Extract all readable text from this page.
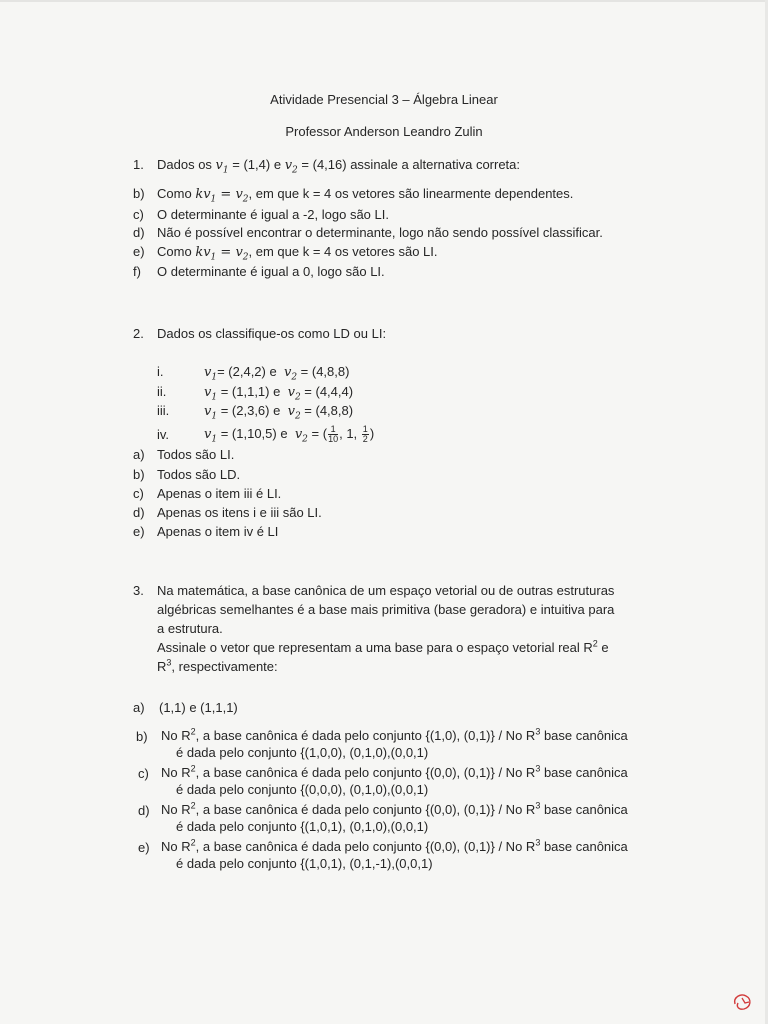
Atividade Presencial 3 – Álgebra Linear
Professor Anderson Leandro Zulin
1. Dados os $v_1 = (1,4)$ e $v_2 = (4,16)$ assinale a alternativa correta:
b) Como $kv_1 = v_2$, em que k = 4 os vetores são linearmente dependentes.
c) O determinante é igual a -2, logo são LI.
d) Não é possível encontrar o determinante, logo não sendo possível classificar.
e) Como $kv_1 = v_2$, em que k = 4 os vetores são LI.
f) O determinante é igual a 0, logo são LI.
2. Dados os classifique-os como LD ou LI:
i.	$v_1= (2,4,2)$ e $v_2 = (4,8,8)$
ii.	$v_1 = (1,1,1)$ e $v_2 = (4,4,4)$
iii.	$v_1 = (2,3,6)$ e $v_2 = (4,8,8)$
iv.	$v_1 = (1,10,5)$ e $v_2$ = ( $\frac{1}{10}$ , 1, $\frac{1}{2}$ )
a) Todos são LI.
b) Todos são LD.
c) Apenas o item iii é LI.
d) Apenas os itens i e iii são LI.
e) Apenas o item iv é LI
3. Na matemática, a base canônica de um espaço vetorial ou de outras estruturas
algébricas semelhantes é a base mais primitiva (base geradora) e intuitiva para
a estrutura.
Assinale o vetor que representam a uma base para o espaço vetorial real $R^2$ e
$R^3$, respectivamente:
a) (1,1) e (1,1,1)
b) No $R^2$, a base canônica é dada pelo conjunto {(1,0), (0,1)} / No $R^3$ base canônica
é dada pelo conjunto {(1,0,0), (0,1,0),(0,0,1)
c) No $R^2$, a base canônica é dada pelo conjunto {(0,0), (0,1)} / No $R^3$ base canônica
é dada pelo conjunto {(0,0,0), (0,1,0),(0,0,1)
d) No $R^2$, a base canônica é dada pelo conjunto {(0,0), (0,1)} / No $R^3$ base canônica
é dada pelo conjunto {(1,0,1), (0,1,0),(0,0,1)
e) No $R^2$, a base canônica é dada pelo conjunto {(0,0), (0,1)} / No $R^3$ base canônica
é dada pelo conjunto {(1,0,1), (0,1,-1),(0,0,1)
